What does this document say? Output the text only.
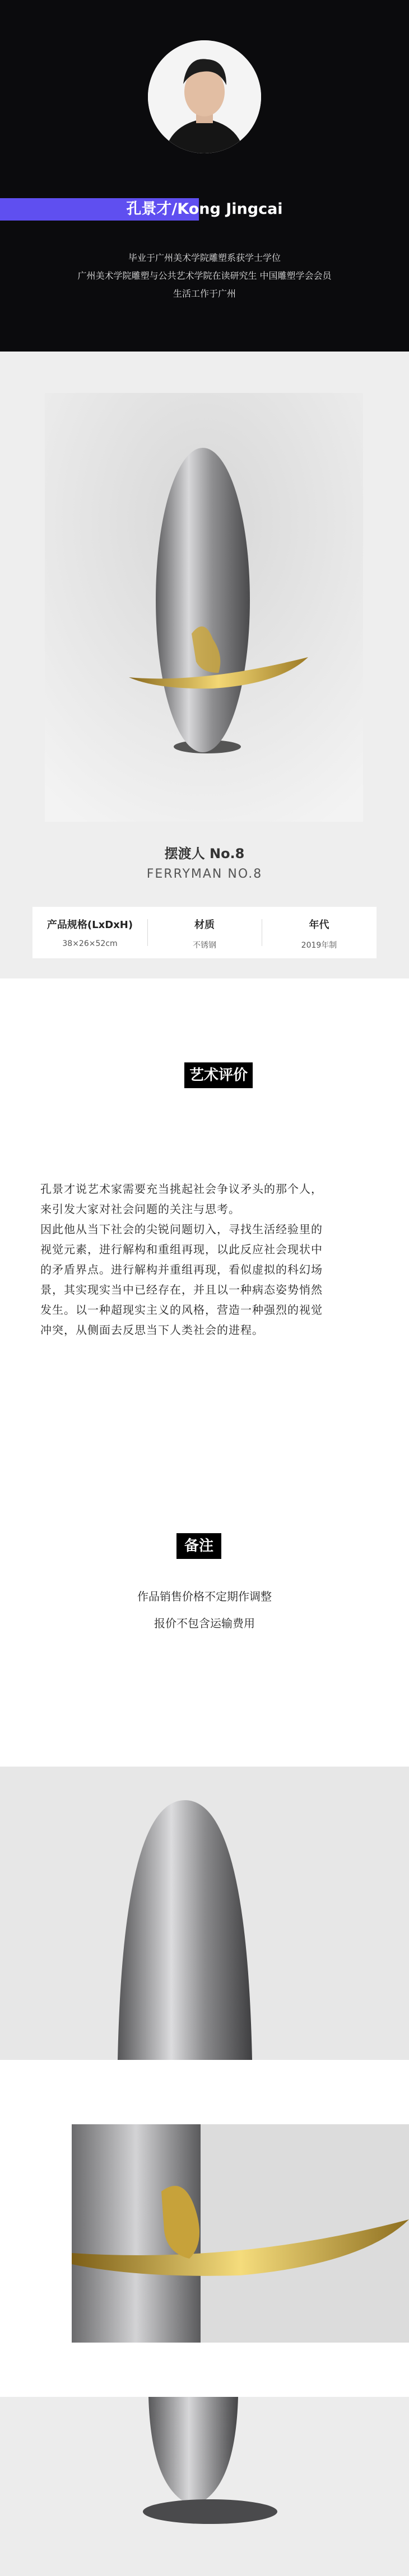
孔景才/Kong Jingcai
毕业于广州美术学院雕塑系获学士学位
广州美术学院雕塑与公共艺术学院在读研究生 中国雕塑学会会员
生活工作于广州
摆渡人 No.8
FERRYMAN NO.8
产品规格(LxDxH)
38×26×52cm
材质
不锈钢
年代
2019年制
艺术评价
孔景才说艺术家需要充当挑起社会争议矛头的那个人，
来引发大家对社会问题的关注与思考。
因此他从当下社会的尖锐问题切入，寻找生活经验里的
视觉元素，进行解构和重组再现，以此反应社会现状中
的矛盾界点。进行解构并重组再现，看似虚拟的科幻场
景，其实现实当中已经存在，并且以一种病态姿势悄然
发生。以一种超现实主义的风格，营造一种强烈的视觉
冲突，从侧面去反思当下人类社会的进程。
备注
作品销售价格不定期作调整
报价不包含运输费用
